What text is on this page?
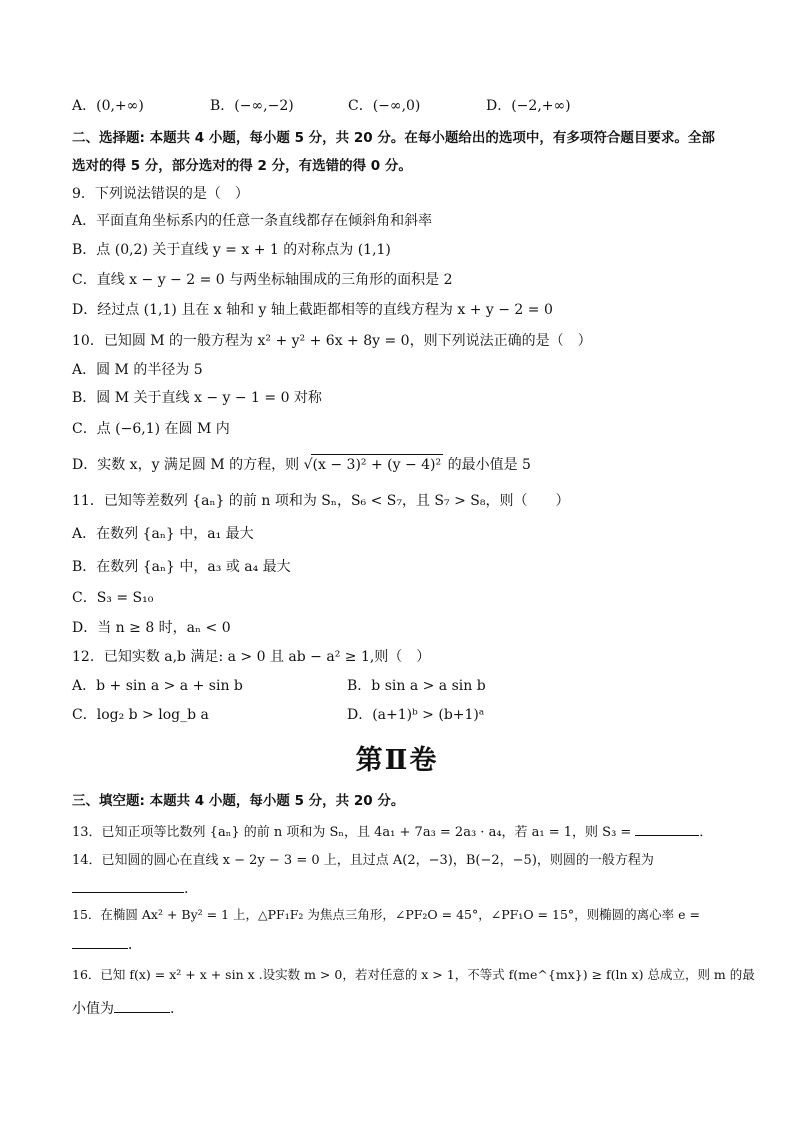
A．(0,+∞)	B．(−∞,−2)	C．(−∞,0)	D．(−2,+∞)
二、选择题: 本题共 4 小题，每小题 5 分，共 20 分。在每小题给出的选项中，有多项符合题目要求。全部
选对的得 5 分，部分选对的得 2 分，有选错的得 0 分。
9．下列说法错误的是（　）
A．平面直角坐标系内的任意一条直线都存在倾斜角和斜率
B．点 (0,2) 关于直线 y = x + 1 的对称点为 (1,1)
C．直线 x − y − 2 = 0 与两坐标轴围成的三角形的面积是 2
D．经过点 (1,1) 且在 x 轴和 y 轴上截距都相等的直线方程为 x + y − 2 = 0
10．已知圆 M 的一般方程为 x² + y² + 6x + 8y = 0，则下列说法正确的是（　）
A．圆 M 的半径为 5
B．圆 M 关于直线 x − y − 1 = 0 对称
C．点 (−6,1) 在圆 M 内
D．实数 x，y 满足圆 M 的方程，则 √(x − 3)² + (y − 4)² 的最小值是 5
11．已知等差数列 {aₙ} 的前 n 项和为 Sₙ，S₆ < S₇，且 S₇ > S₈，则（　　）
A．在数列 {aₙ} 中，a₁ 最大
B．在数列 {aₙ} 中，a₃ 或 a₄ 最大
C．S₃ = S₁₀
D．当 n ≥ 8 时，aₙ < 0
12．已知实数 a,b 满足: a > 0 且 ab − a² ≥ 1,则（　）
A．b + sin a > a + sin b	B．b sin a > a sin b
C．log₂ b > log_b a	D．(a+1)ᵇ > (b+1)ᵃ
第Ⅱ卷
三、填空题: 本题共 4 小题，每小题 5 分，共 20 分。
13．已知正项等比数列 {aₙ} 的前 n 项和为 Sₙ，且 4a₁ + 7a₃ = 2a₃ · a₄，若 a₁ = 1，则 S₃ =	．
14．已知圆的圆心在直线 x − 2y − 3 = 0 上，且过点 A(2，−3)，B(−2，−5)，则圆的一般方程为
.
15．在椭圆 Ax² + By² = 1 上，△PF₁F₂ 为焦点三角形，∠PF₂O = 45°，∠PF₁O = 15°，则椭圆的离心率 e =
．
16．已知 f(x) = x² + x + sin x .设实数 m > 0，若对任意的 x > 1，不等式 f(me^{mx}) ≥ f(ln x) 总成立，则 m 的最
小值为	.
